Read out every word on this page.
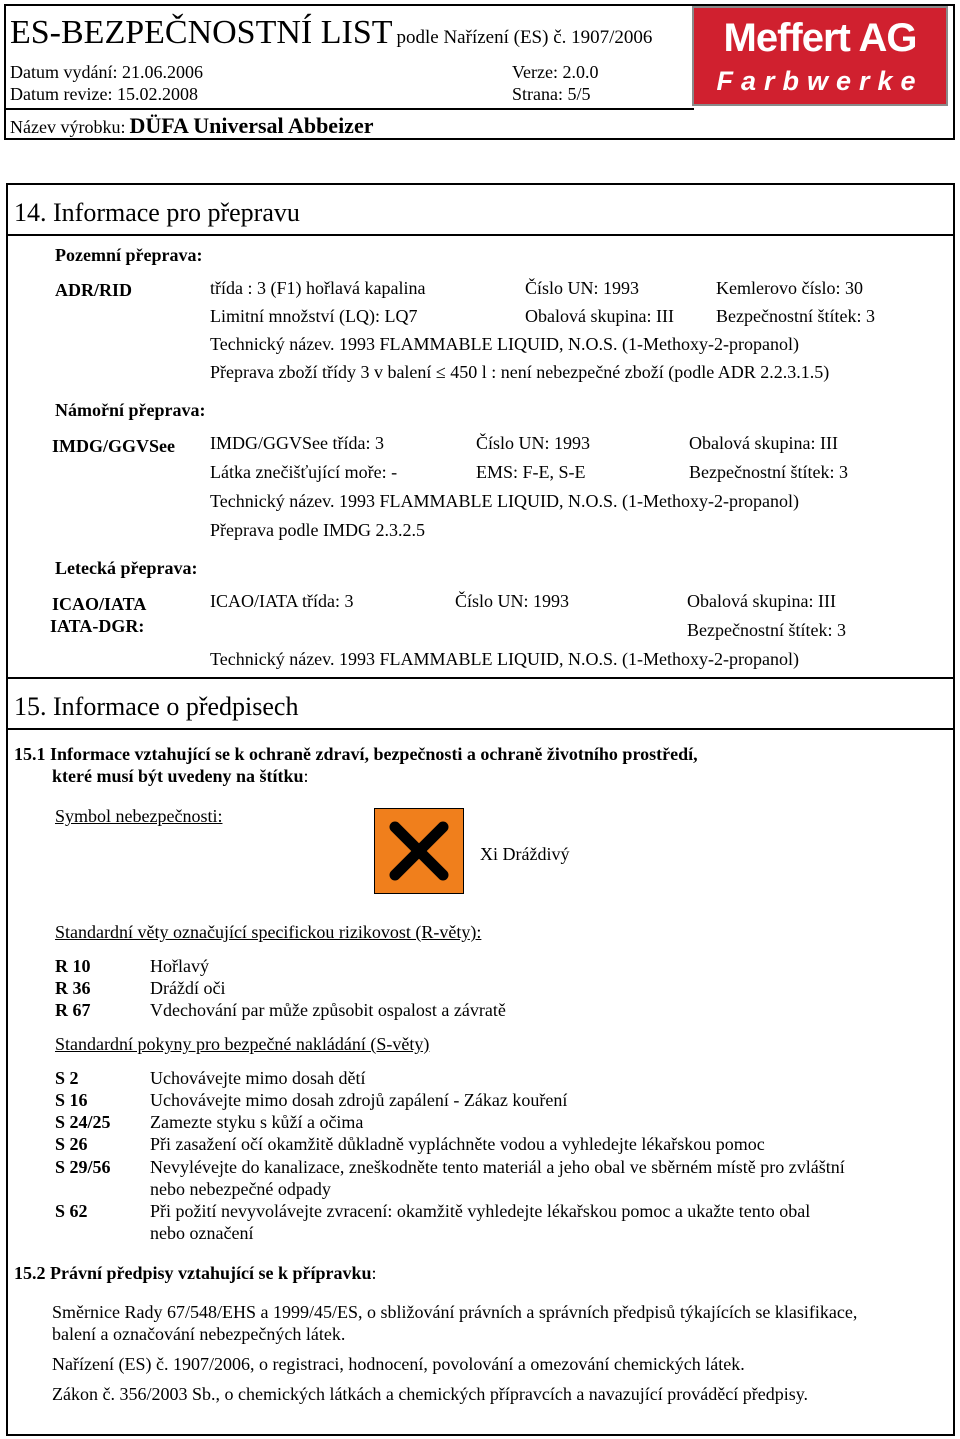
ES-BEZPEČNOSTNÍ LIST podle Nařízení (ES) č. 1907/2006
Datum vydání: 21.06.2006
Datum revize: 15.02.2008
Verze: 2.0.0
Strana: 5/5
Název výrobku: DÜFA Universal Abbeizer
Meffert AG
Farbwerke
14. Informace pro přepravu
Pozemní přeprava:
ADR/RID	třída : 3 (F1) hořlavá kapalina	Číslo UN: 1993	Kemlerovo číslo: 30
Limitní množství (LQ): LQ7	Obalová skupina: III Bezpečnostní štítek: 3
Technický název. 1993 FLAMMABLE LIQUID, N.O.S. (1-Methoxy-2-propanol)
Přeprava zboží třídy 3 v balení ≤ 450 l : není nebezpečné zboží (podle ADR 2.2.3.1.5)
Námořní přeprava:
IMDG/GGVSee IMDG/GGVSee třída: 3	Číslo UN: 1993	Obalová skupina: III
Látka znečišťující moře: -	EMS: F-E, S-E	Bezpečnostní štítek: 3
Technický název. 1993 FLAMMABLE LIQUID, N.O.S. (1-Methoxy-2-propanol)
Přeprava podle IMDG 2.3.2.5
Letecká přeprava:
ICAO/IATA
IATA-DGR:
ICAO/IATA třída: 3	Číslo UN: 1993	Obalová skupina: III
Bezpečnostní štítek: 3
Technický název. 1993 FLAMMABLE LIQUID, N.O.S. (1-Methoxy-2-propanol)
15. Informace o předpisech
15.1 Informace vztahující se k ochraně zdraví, bezpečnosti a ochraně životního prostředí,
které musí být uvedeny na štítku:
Symbol nebezpečnosti:
Xi Dráždivý
Standardní věty označující specifickou rizikovost (R-věty):
R 10	Hořlavý
R 36	Dráždí oči
R 67	Vdechování par může způsobit ospalost a závratě
Standardní pokyny pro bezpečné nakládání (S-věty)
S 2	Uchovávejte mimo dosah dětí
S 16	Uchovávejte mimo dosah zdrojů zapálení - Zákaz kouření
S 24/25 Zamezte styku s kůží a očima
S 26	Při zasažení očí okamžitě důkladně vypláchněte vodou a vyhledejte lékařskou pomoc
S 29/56 Nevylévejte do kanalizace, zneškodněte tento materiál a jeho obal ve sběrném místě pro zvláštní
nebo nebezpečné odpady
S 62	Při požití nevyvolávejte zvracení: okamžitě vyhledejte lékařskou pomoc a ukažte tento obal
nebo označení
15.2 Právní předpisy vztahující se k přípravku:
Směrnice Rady 67/548/EHS a 1999/45/ES, o sbližování právních a správních předpisů týkajících se klasifikace,
balení a označování nebezpečných látek.
Nařízení (ES) č. 1907/2006, o registraci, hodnocení, povolování a omezování chemických látek.
Zákon č. 356/2003 Sb., o chemických látkách a chemických přípravcích a navazující prováděcí předpisy.
